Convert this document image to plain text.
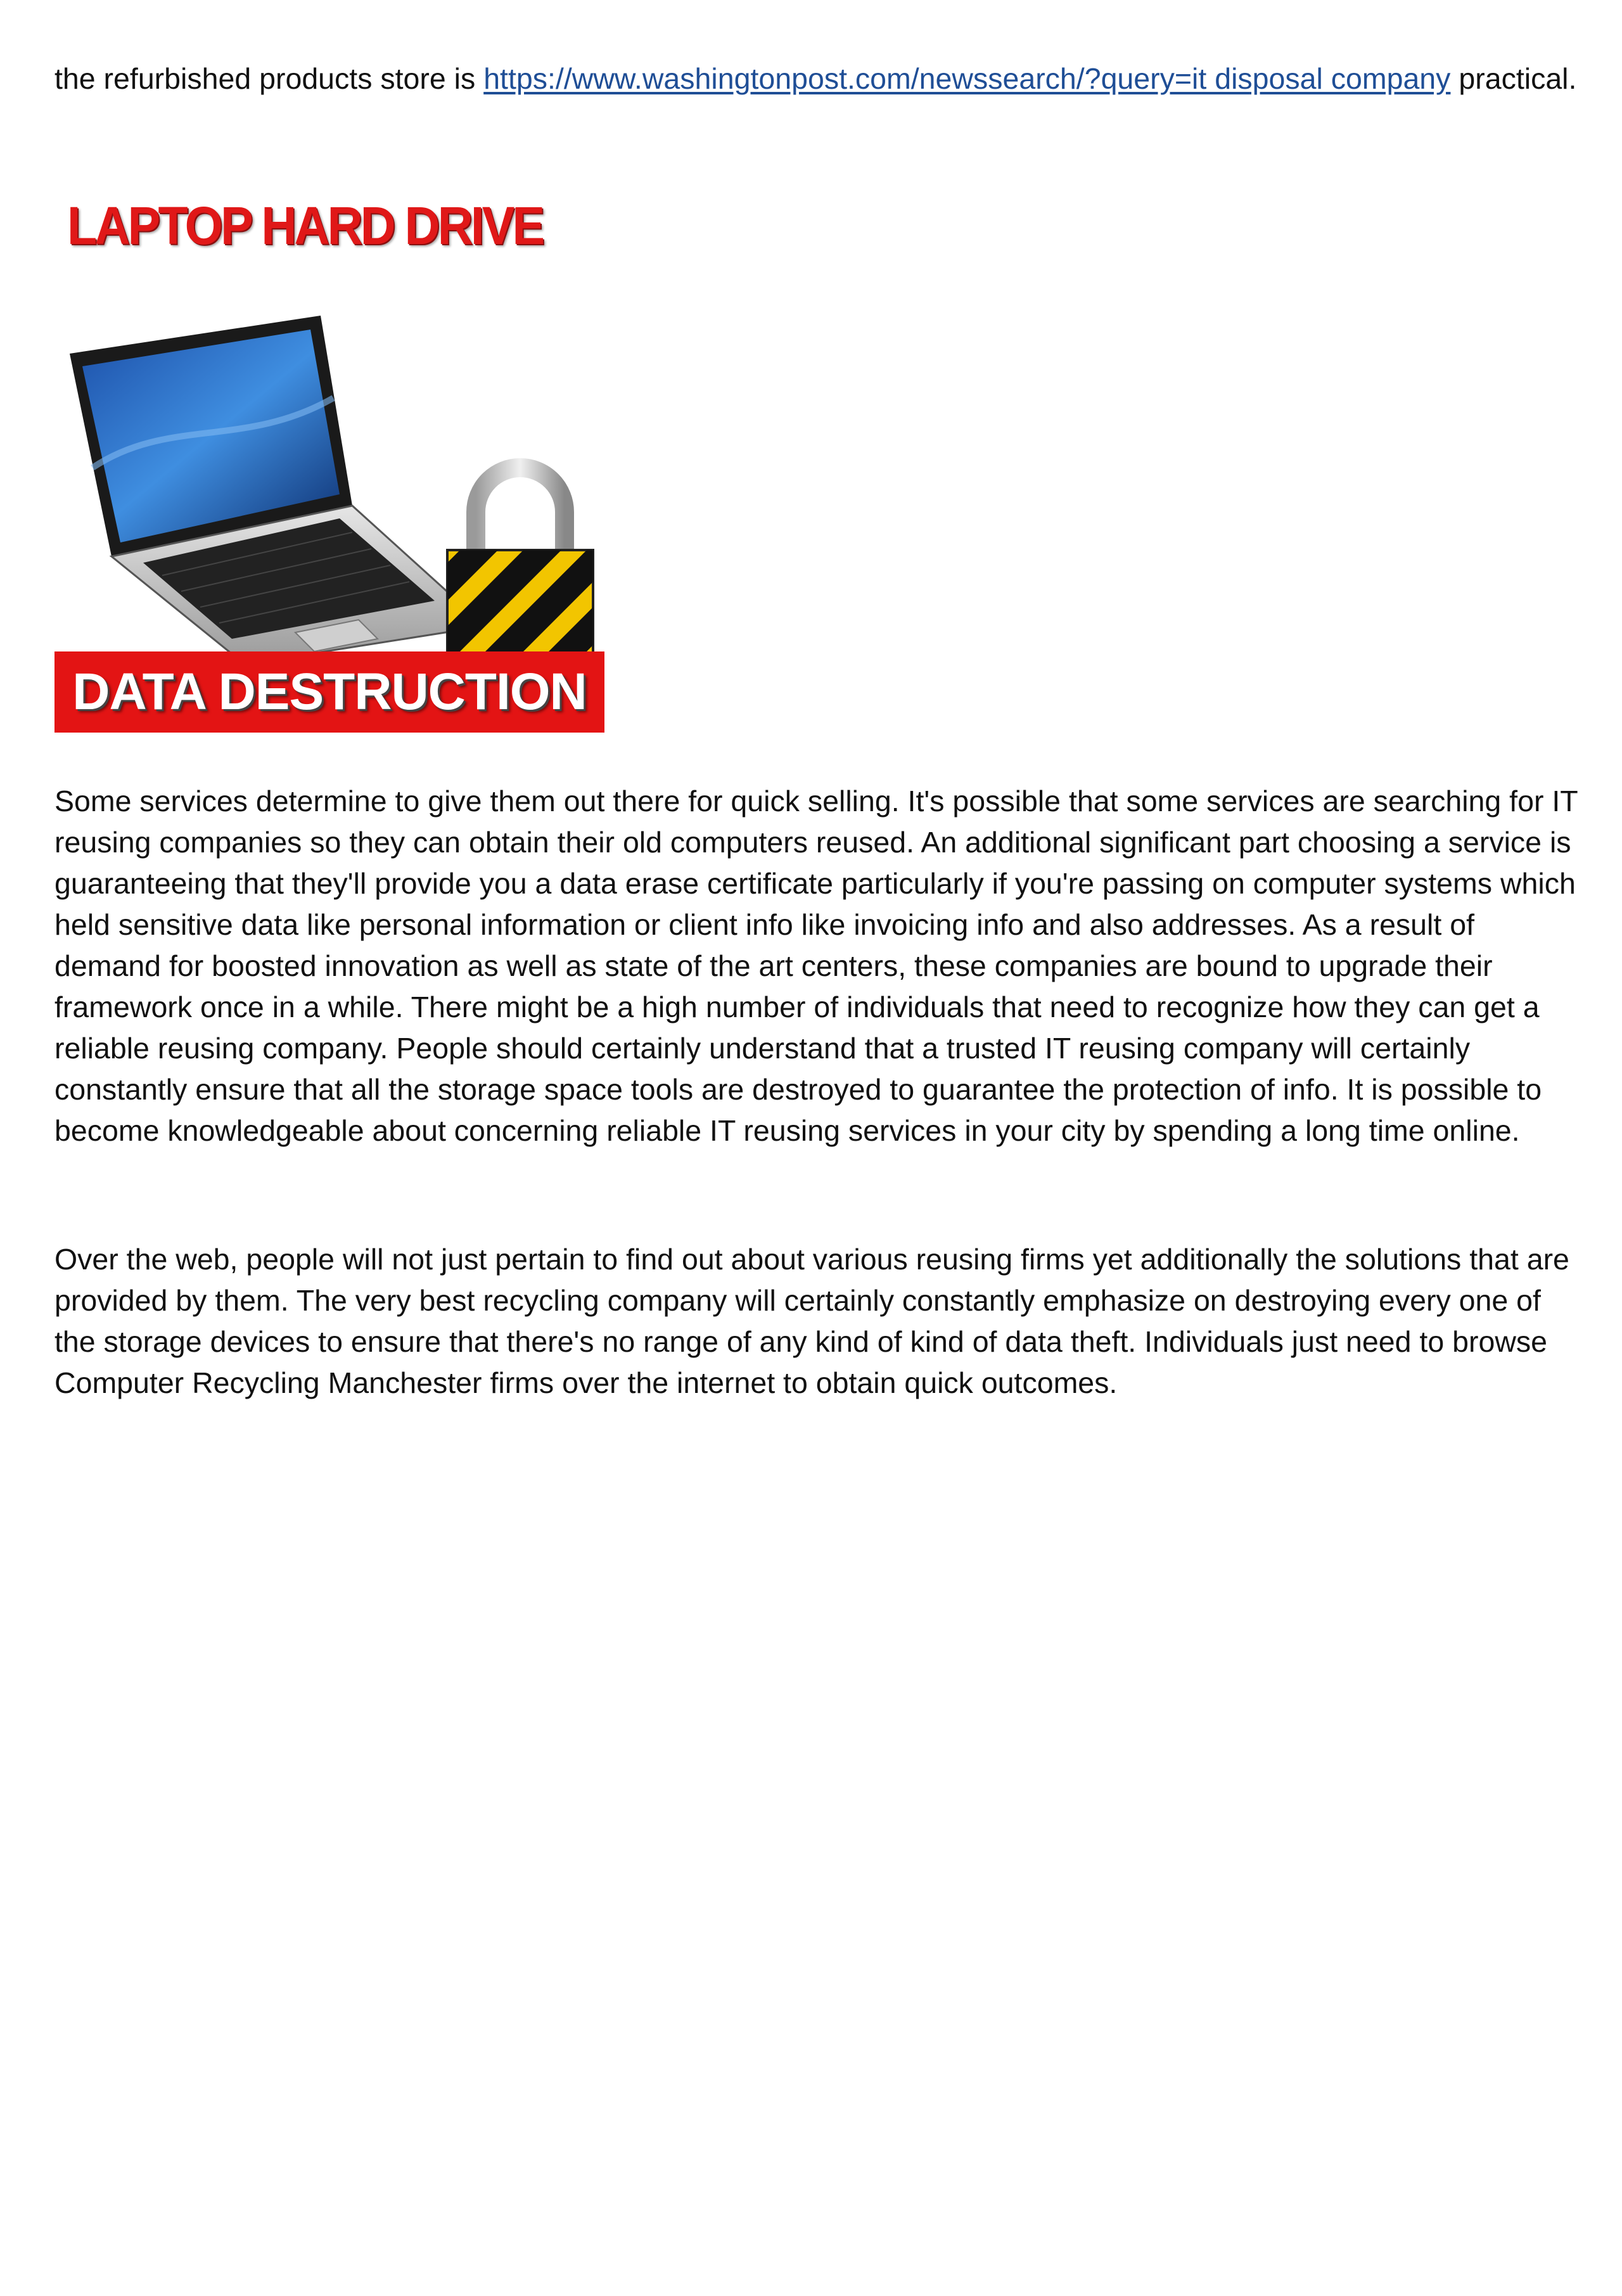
the refurbished products store is https://www.washingtonpost.com/newssearch/?query=it disposal company practical.

LAPTOP HARD DRIVE
DATA DESTRUCTION

Some services determine to give them out there for quick selling. It's possible that some services are searching for IT reusing companies so they can obtain their old computers reused. An additional significant part choosing a service is guaranteeing that they'll provide you a data erase certificate particularly if you're passing on computer systems which held sensitive data like personal information or client info like invoicing info and also addresses. As a result of demand for boosted innovation as well as state of the art centers, these companies are bound to upgrade their framework once in a while. There might be a high number of individuals that need to recognize how they can get a reliable reusing company. People should certainly understand that a trusted IT reusing company will certainly constantly ensure that all the storage space tools are destroyed to guarantee the protection of info. It is possible to become knowledgeable about concerning reliable IT reusing services in your city by spending a long time online.

Over the web, people will not just pertain to find out about various reusing firms yet additionally the solutions that are provided by them. The very best recycling company will certainly constantly emphasize on destroying every one of the storage devices to ensure that there's no range of any kind of kind of data theft. Individuals just need to browse Computer Recycling Manchester firms over the internet to obtain quick outcomes.
